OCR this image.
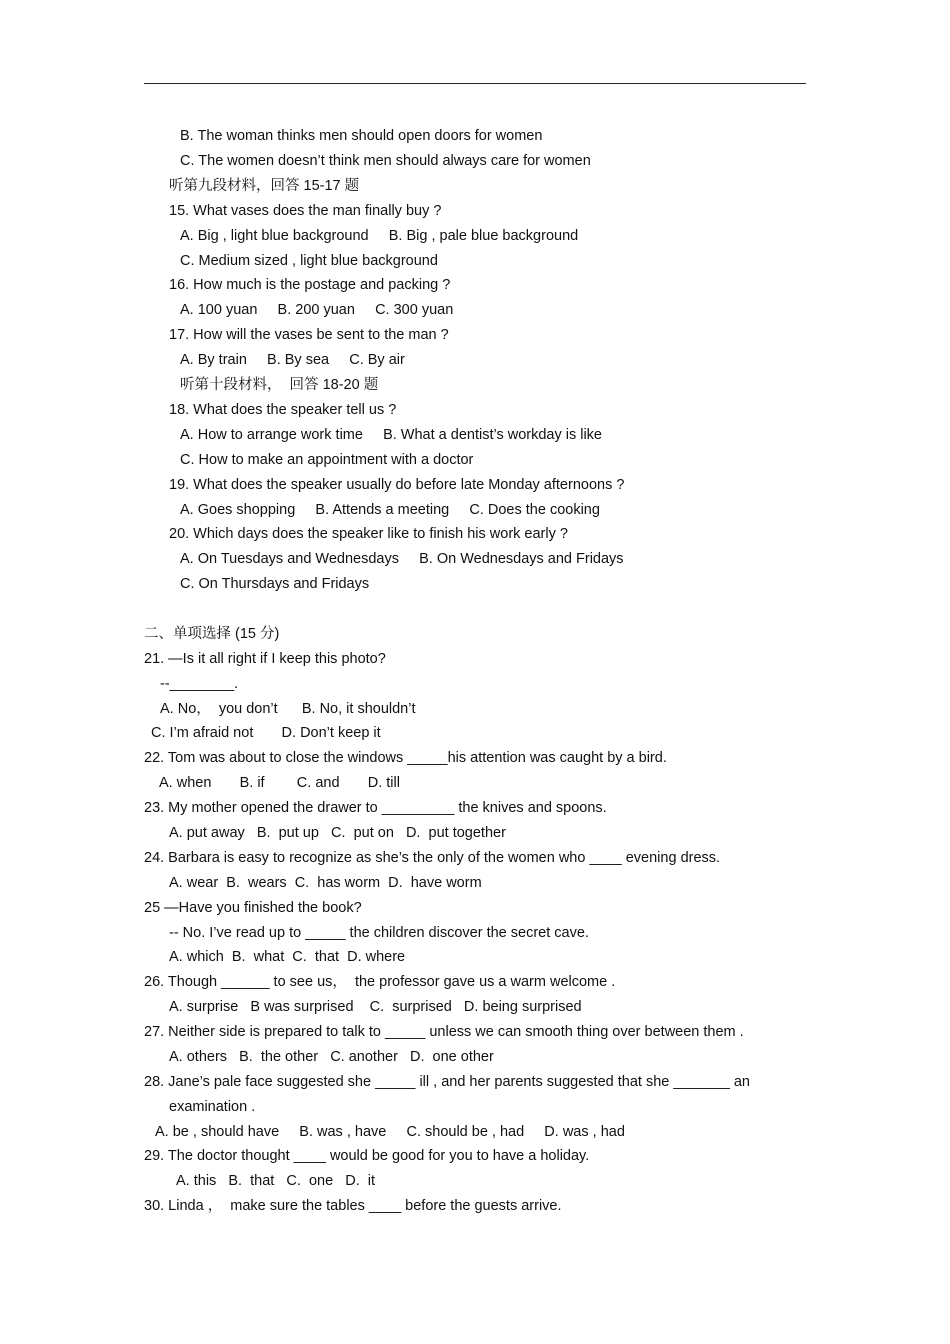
B. The woman thinks men should open doors for women
C. The women doesn’t think men should always care for women
听第九段材料，回答 15-17 题
15. What vases does the man finally buy ?
A. Big , light blue background     B. Big , pale blue background
C. Medium sized , light blue background
16. How much is the postage and packing ?
A. 100 yuan     B. 200 yuan     C. 300 yuan
17. How will the vases be sent to the man ?
A. By train     B. By sea     C. By air
听第十段材料，  回答 18-20 题
18. What does the speaker tell us ?
A. How to arrange work time     B. What a dentist’s workday is like
C. How to make an appointment with a doctor
19. What does the speaker usually do before late Monday afternoons ?
A. Goes shopping     B. Attends a meeting     C. Does the cooking
20. Which days does the speaker like to finish his work early ?
A. On Tuesdays and Wednesdays     B. On Wednesdays and Fridays
C. On Thursdays and Fridays
二、单项选择 (15 分)
21. —Is it all right if I keep this photo?
--________.
A. No，  you don’t      B. No, it shouldn’t
C. I’m afraid not       D. Don’t keep it
22. Tom was about to close the windows _____his attention was caught by a bird.
A. when       B. if        C. and       D. till
23. My mother opened the drawer to _________ the knives and spoons.
A. put away   B.  put up   C.  put on   D.  put together
24. Barbara is easy to recognize as she’s the only of the women who ____ evening dress.
A. wear  B.  wears  C.  has worm  D.  have worm
25 —Have you finished the book?
-- No. I’ve read up to _____ the children discover the secret cave.
A. which  B.  what  C.  that  D. where
26. Though ______ to see us，  the professor gave us a warm welcome .
A. surprise   B was surprised    C.  surprised   D. being surprised
27. Neither side is prepared to talk to _____ unless we can smooth thing over between them .
A. others   B.  the other   C. another   D.  one other
28. Jane’s pale face suggested she _____ ill , and her parents suggested that she _______ an
examination .
A. be , should have     B. was , have     C. should be , had     D. was , had
29. The doctor thought ____ would be good for you to have a holiday.
A. this   B.  that   C.  one   D.  it
30. Linda ，  make sure the tables ____ before the guests arrive.
